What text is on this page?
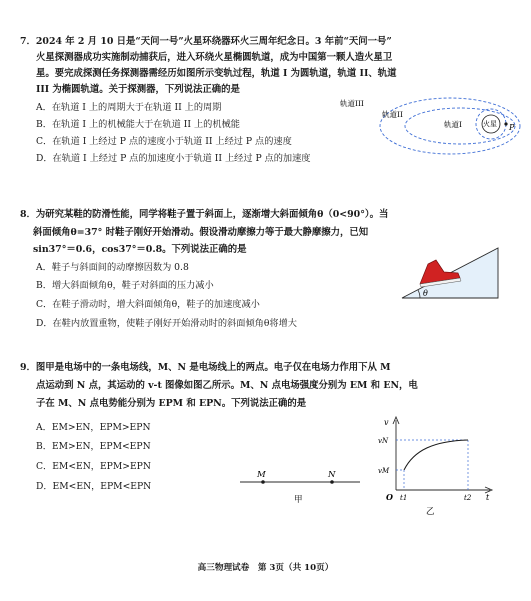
7．2024 年 2 月 10 日是“天问一号”火星环绕器环火三周年纪念日。3 年前“天问一号”
火星探测器成功实施制动捕获后，进入环绕火星椭圆轨道，成为中国第一颗人造火星卫
星。要完成探测任务探测器需经历如图所示变轨过程，轨道 I 为圆轨道，轨道 II、轨道
III 为椭圆轨道。关于探测器，下列说法正确的是
A．在轨道 I 上的周期大于在轨道 II 上的周期
B．在轨道 I 上的机械能大于在轨道 II 上的机械能
C．在轨道 I 上经过 P 点的速度小于轨道 II 上经过 P 点的速度
D．在轨道 I 上经过 P 点的加速度小于轨道 II 上经过 P 点的加速度
轨道III
轨道II
轨道I	火星 P
8．为研究某鞋的防滑性能，同学将鞋子置于斜面上，逐渐增大斜面倾角θ（0<90°）。当
斜面倾角θ=37° 时鞋子刚好开始滑动。假设滑动摩擦力等于最大静摩擦力，已知
sin37°＝0.6，cos37°＝0.8。下列说法正确的是
A．鞋子与斜面间的动摩擦因数为 0.8
B．增大斜面倾角θ，鞋子对斜面的压力减小
C．在鞋子滑动时，增大斜面倾角θ，鞋子的加速度减小
D．在鞋内放置重物，使鞋子刚好开始滑动时的斜面倾角θ将增大
θ
9．图甲是电场中的一条电场线，M、N 是电场线上的两点。电子仅在电场力作用下从 M
点运动到 N 点，其运动的 v-t 图像如图乙所示。M、N 点电场强度分别为 EM 和 EN，电
子在 M、N 点电势能分别为 EPM 和 EPN。下列说法正确的是
A．EM>EN，EPM>EPN
B．EM>EN，EPM<EPN
C．EM<EN，EPM>EPN
D．EM<EN，EPM<EPN
M	N
甲
v
vN
vM
O t1	t2 t
乙
高三物理试卷　第 3页（共 10页）
